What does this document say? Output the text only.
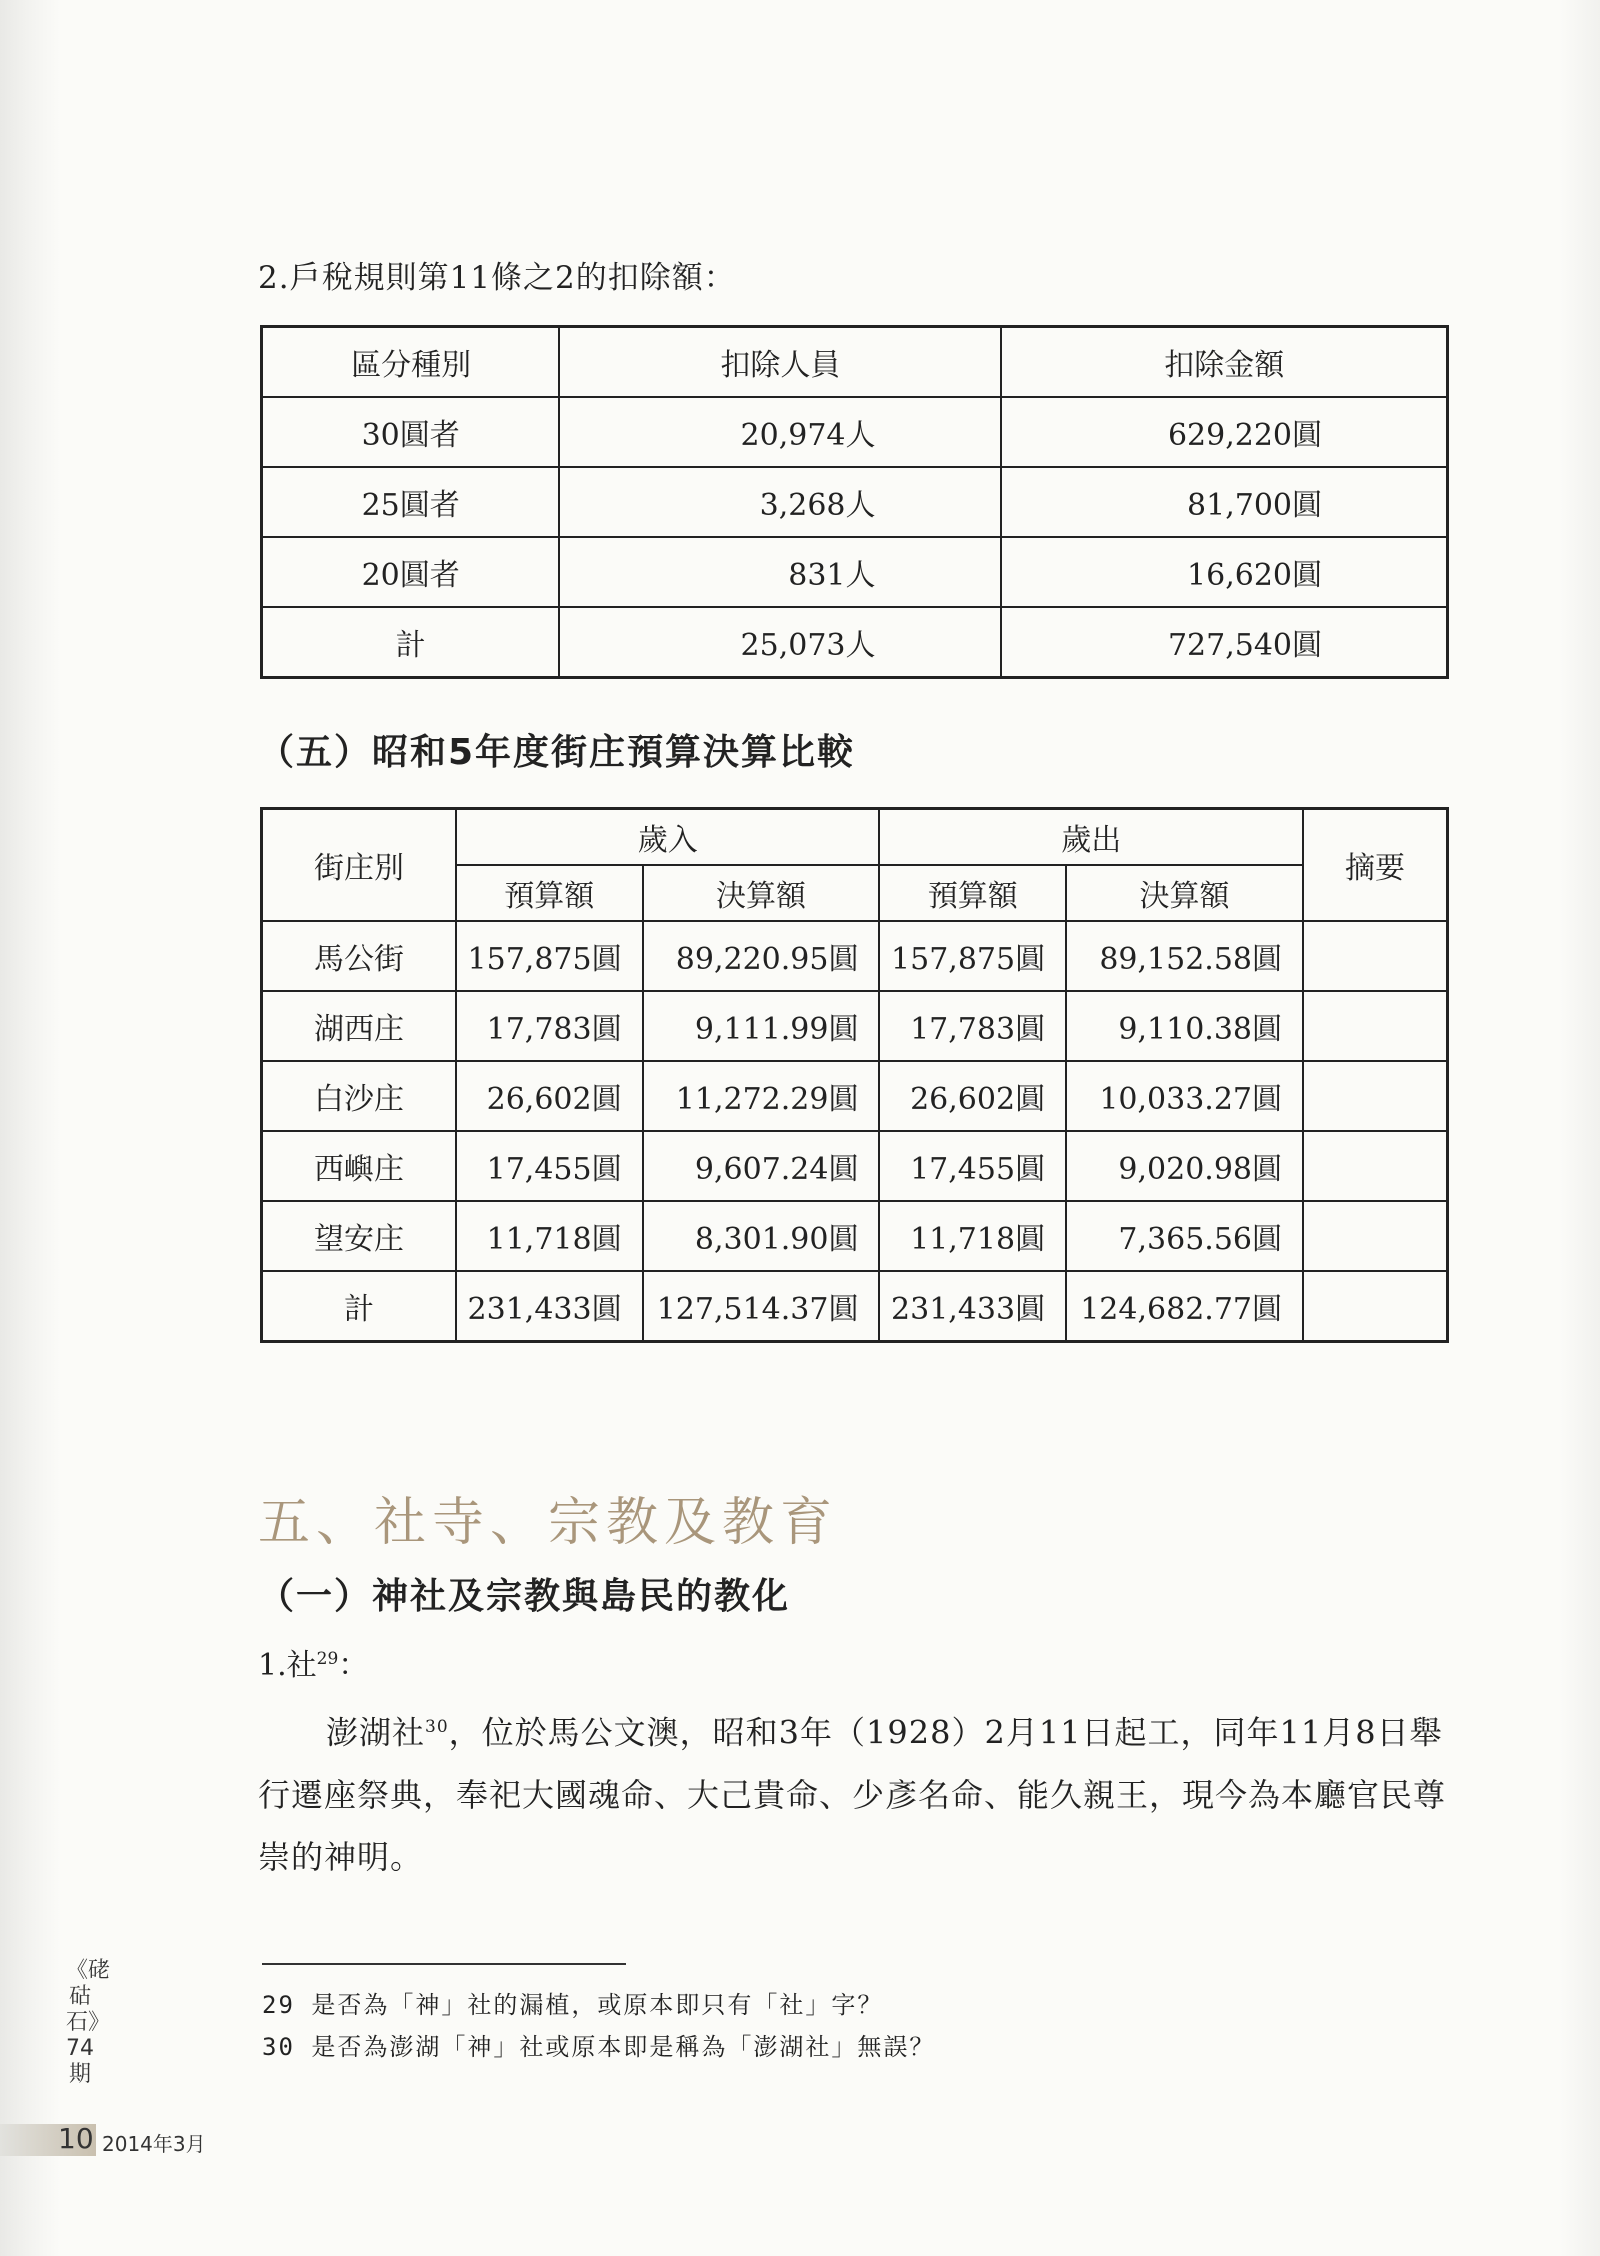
2.戶稅規則第11條之2的扣除額：
區分種別	扣除人員	扣除金額
30圓者	20,974人	629,220圓
25圓者	3,268人	81,700圓
20圓者	831人	16,620圓
計	25,073人	727,540圓
（五）昭和5年度街庄預算決算比較
街庄別	歲入		歲出		摘要
	預算額	決算額	預算額	決算額	
馬公街	157,875圓	89,220.95圓	157,875圓	89,152.58圓	
湖西庄	17,783圓	9,111.99圓	17,783圓	9,110.38圓	
白沙庄	26,602圓	11,272.29圓	26,602圓	10,033.27圓	
西嶼庄	17,455圓	9,607.24圓	17,455圓	9,020.98圓	
望安庄	11,718圓	8,301.90圓	11,718圓	7,365.56圓	
計	231,433圓	127,514.37圓	231,433圓	124,682.77圓	
五、社寺、宗教及教育
（一）神社及宗教與島民的教化
1.社$^{29}$：
澎湖社$^{30}$，位於馬公文澳，昭和3年（1928）2月11日起工，同年11月8日舉行遷座祭典，奉祀大國魂命、大己貴命、少彥名命、能久親王，現今為本廳官民尊崇的神明。
29 是否為「神」社的漏植，或原本即只有「社」字？
30 是否為澎湖「神」社或原本即是稱為「澎湖社」無誤？
《硓𥑮石》74期
10 2014年3月
